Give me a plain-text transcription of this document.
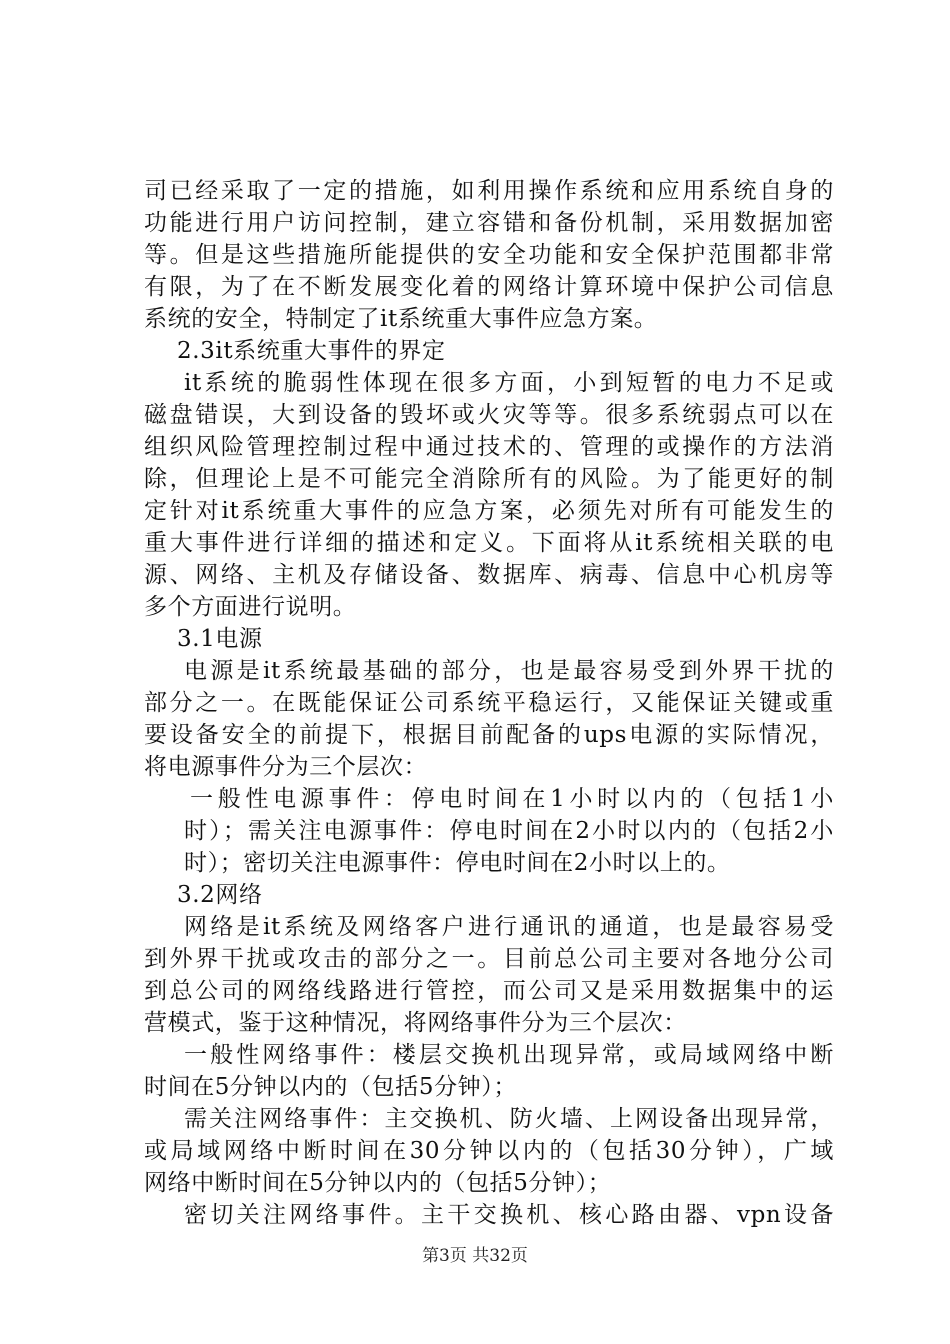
司已经采取了一定的措施，如利用操作系统和应用系统自身的
功能进行用户访问控制，建立容错和备份机制，采用数据加密
等。但是这些措施所能提供的安全功能和安全保护范围都非常
有限，为了在不断发展变化着的网络计算环境中保护公司信息
系统的安全，特制定了it系统重大事件应急方案。
2.3it系统重大事件的界定
it系统的脆弱性体现在很多方面，小到短暂的电力不足或
磁盘错误，大到设备的毁坏或火灾等等。很多系统弱点可以在
组织风险管理控制过程中通过技术的、管理的或操作的方法消
除，但理论上是不可能完全消除所有的风险。为了能更好的制
定针对it系统重大事件的应急方案，必须先对所有可能发生的
重大事件进行详细的描述和定义。下面将从it系统相关联的电
源、网络、主机及存储设备、数据库、病毒、信息中心机房等
多个方面进行说明。
3.1电源
电源是it系统最基础的部分，也是最容易受到外界干扰的
部分之一。在既能保证公司系统平稳运行，又能保证关键或重
要设备安全的前提下，根据目前配备的ups电源的实际情况，
将电源事件分为三个层次：
一般性电源事件：停电时间在1小时以内的（包括1小
时）；需关注电源事件：停电时间在2小时以内的（包括2小
时）；密切关注电源事件：停电时间在2小时以上的。
3.2网络
网络是it系统及网络客户进行通讯的通道，也是最容易受
到外界干扰或攻击的部分之一。目前总公司主要对各地分公司
到总公司的网络线路进行管控，而公司又是采用数据集中的运
营模式，鉴于这种情况，将网络事件分为三个层次：
一般性网络事件：楼层交换机出现异常，或局域网络中断
时间在5分钟以内的（包括5分钟）；
需关注网络事件：主交换机、防火墙、上网设备出现异常，
或局域网络中断时间在30分钟以内的（包括30分钟），广域
网络中断时间在5分钟以内的（包括5分钟）；
密切关注网络事件。主干交换机、核心路由器、vpn设备
第3页 共32页
